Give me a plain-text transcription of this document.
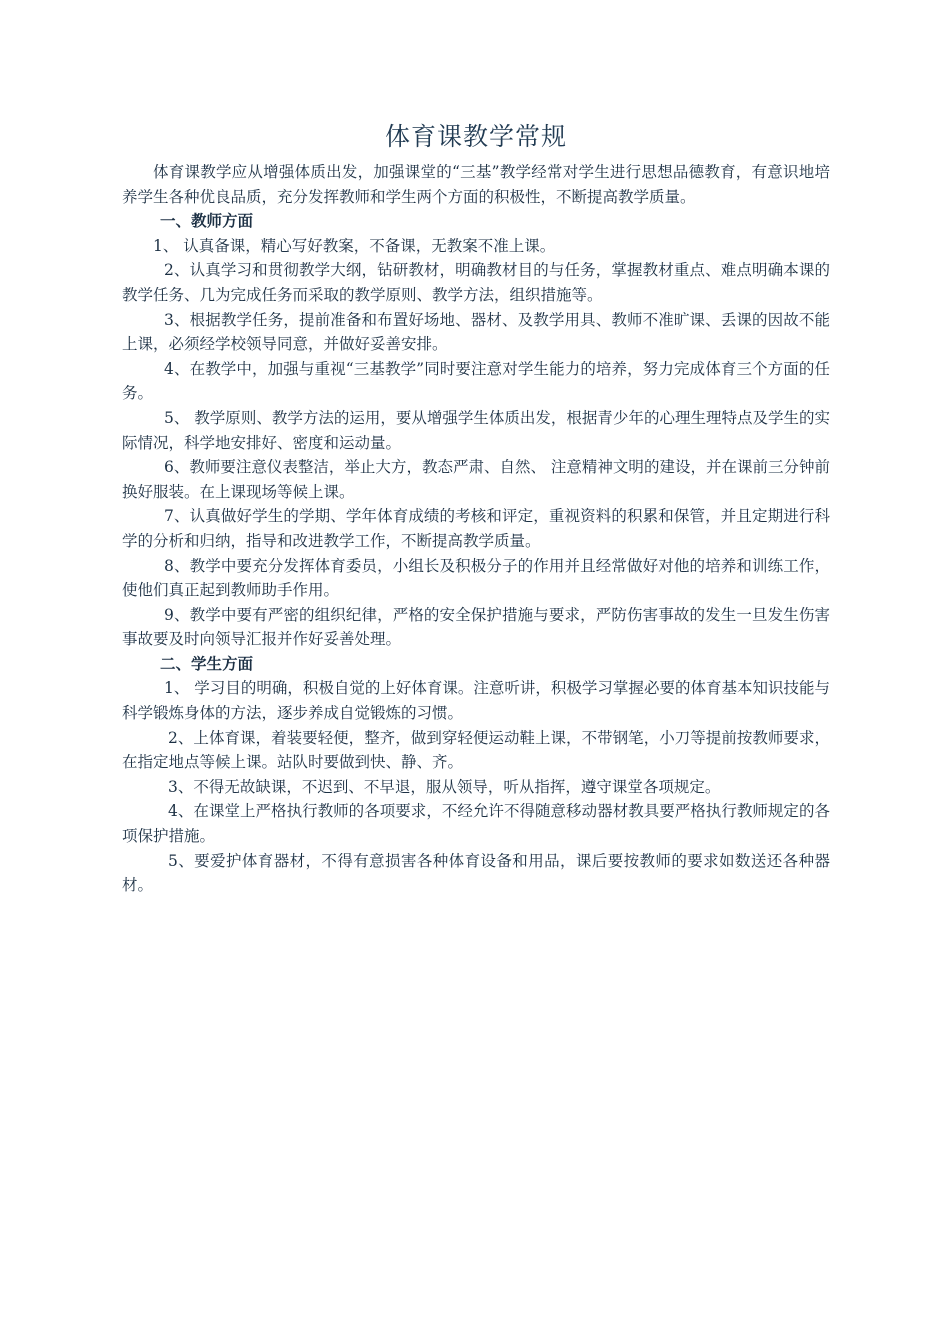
体育课教学常规

体育课教学应从增强体质出发，加强课堂的“三基”教学经常对学生进行思想品德教育，有意识地培养学生各种优良品质，充分发挥教师和学生两个方面的积极性，不断提高教学质量。

一、教师方面

1、 认真备课，精心写好教案，不备课，无教案不准上课。

2、认真学习和贯彻教学大纲，钻研教材，明确教材目的与任务，掌握教材重点、难点明确本课的教学任务、几为完成任务而采取的教学原则、教学方法，组织措施等。

3、根据教学任务，提前准备和布置好场地、器材、及教学用具、教师不准旷课、丢课的因故不能上课，必须经学校领导同意，并做好妥善安排。

4、在教学中，加强与重视“三基教学”同时要注意对学生能力的培养，努力完成体育三个方面的任务。

5、 教学原则、教学方法的运用，要从增强学生体质出发，根据青少年的心理生理特点及学生的实际情况，科学地安排好、密度和运动量。

6、教师要注意仪表整洁，举止大方，教态严肃、自然、 注意精神文明的建设，并在课前三分钟前换好服装。在上课现场等候上课。

7、认真做好学生的学期、学年体育成绩的考核和评定，重视资料的积累和保管，并且定期进行科学的分析和归纳，指导和改进教学工作，不断提高教学质量。

8、教学中要充分发挥体育委员，小组长及积极分子的作用并且经常做好对他的培养和训练工作，使他们真正起到教师助手作用。

9、教学中要有严密的组织纪律，严格的安全保护措施与要求，严防伤害事故的发生一旦发生伤害事故要及时向领导汇报并作好妥善处理。

二、学生方面

1、 学习目的明确，积极自觉的上好体育课。注意听讲，积极学习掌握必要的体育基本知识技能与科学锻炼身体的方法，逐步养成自觉锻炼的习惯。

2、上体育课，着装要轻便，整齐，做到穿轻便运动鞋上课，不带钢笔，小刀等提前按教师要求，在指定地点等候上课。站队时要做到快、静、齐。

3、不得无故缺课，不迟到、不早退，服从领导，听从指挥，遵守课堂各项规定。

4、在课堂上严格执行教师的各项要求，不经允许不得随意移动器材教具要严格执行教师规定的各项保护措施。

5、要爱护体育器材，不得有意损害各种体育设备和用品，课后要按教师的要求如数送还各种器材。
